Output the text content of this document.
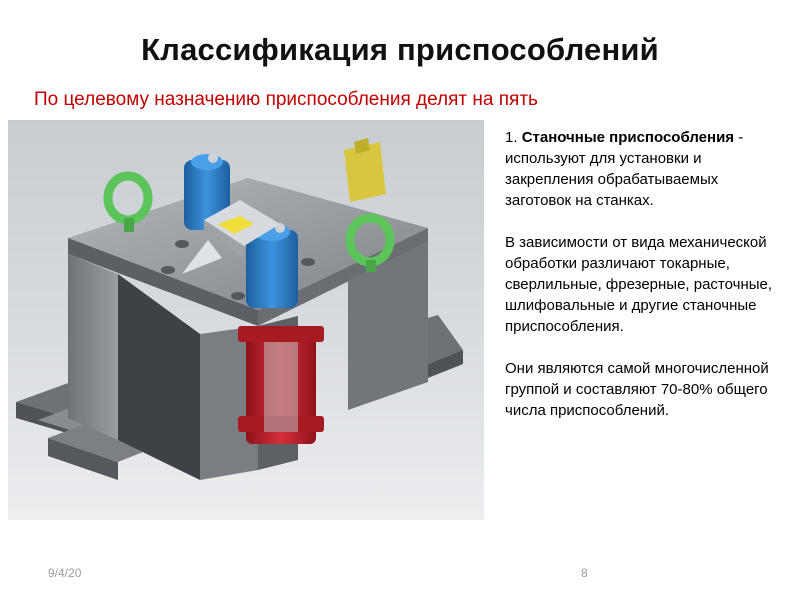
Классификация приспособлений
По целевому назначению приспособления делят на пять

1. Станочные приспособления - используют для установки и закрепления обрабатываемых заготовок на станках.

В зависимости от вида механической обработки различают токарные, сверлильные, фрезерные, расточные, шлифовальные и другие станочные приспособления.

Они являются самой многочисленной группой и составляют 70-80% общего числа приспособлений.

9/4/20	8
